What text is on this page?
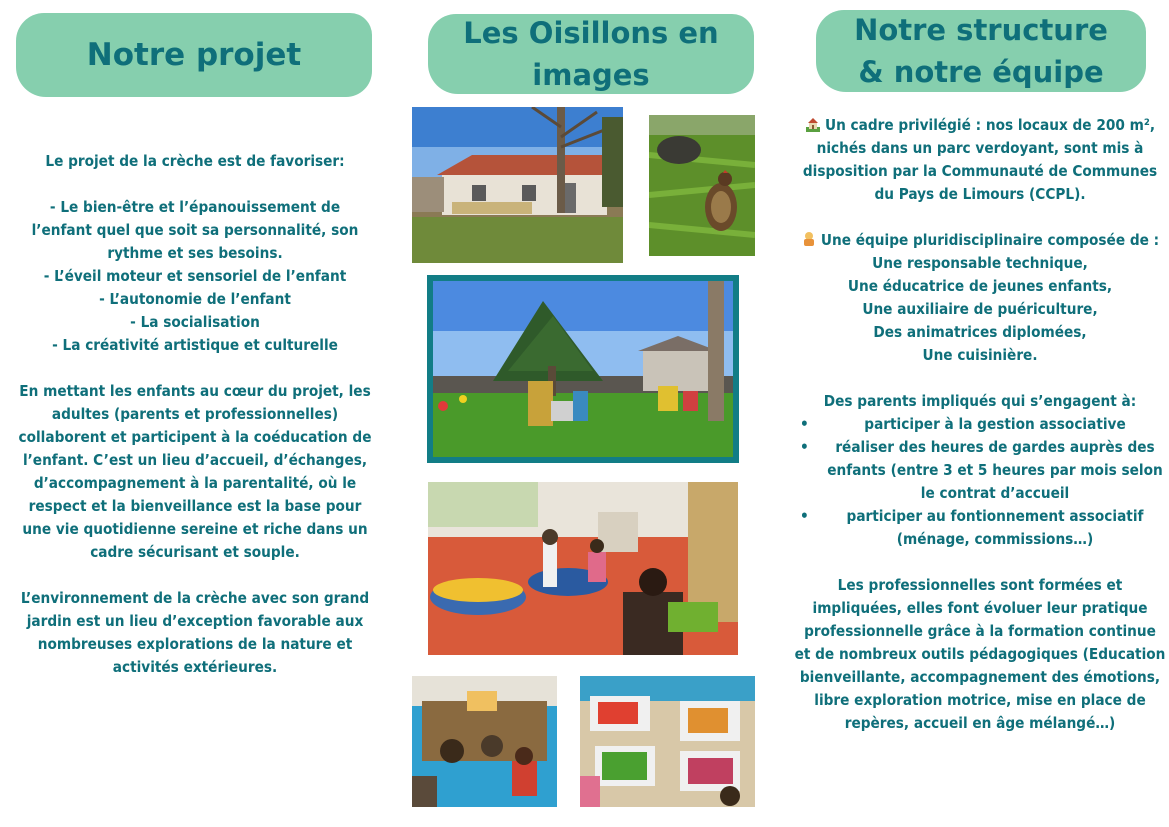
Notre projet

Le projet de la crèche est de favoriser:

- Le bien-être et l’épanouissement de l’enfant quel que soit sa personnalité, son rythme et ses besoins.

- L’éveil moteur et sensoriel de l’enfant

- L’autonomie de l’enfant

- La socialisation

- La créativité artistique et culturelle

En mettant les enfants au cœur du projet, les adultes (parents et professionnelles) collaborent et participent à la coéducation de l’enfant. C’est un lieu d’accueil, d’échanges, d’accompagnement à la parentalité, où le respect et la bienveillance est la base pour une vie quotidienne sereine et riche dans un cadre sécurisant et souple.

L’environnement de la crèche avec son grand jardin est un lieu d’exception favorable aux nombreuses explorations de la nature et activités extérieures.

Les Oisillons en images
Notre structure
& notre équipe

Un cadre privilégié : nos locaux de 200 m², nichés dans un parc verdoyant, sont mis à disposition par la Communauté de Communes du Pays de Limours (CCPL).

Une équipe pluridisciplinaire composée de :

Une responsable technique,

Une éducatrice de jeunes enfants,

Une auxiliaire de puériculture,

Des animatrices diplomées,

Une cuisinière.

Des parents impliqués qui s’engagent à:

• participer à la gestion associative
• réaliser des heures de gardes auprès des enfants (entre 3 et 5 heures par mois selon le contrat d’accueil
• participer au fontionnement associatif (ménage, commissions…)

Les professionnelles sont formées et impliquées, elles font évoluer leur pratique professionnelle grâce à la formation continue et de nombreux outils pédagogiques (Education bienveillante, accompagnement des émotions, libre exploration motrice, mise en place de repères, accueil en âge mélangé…)
